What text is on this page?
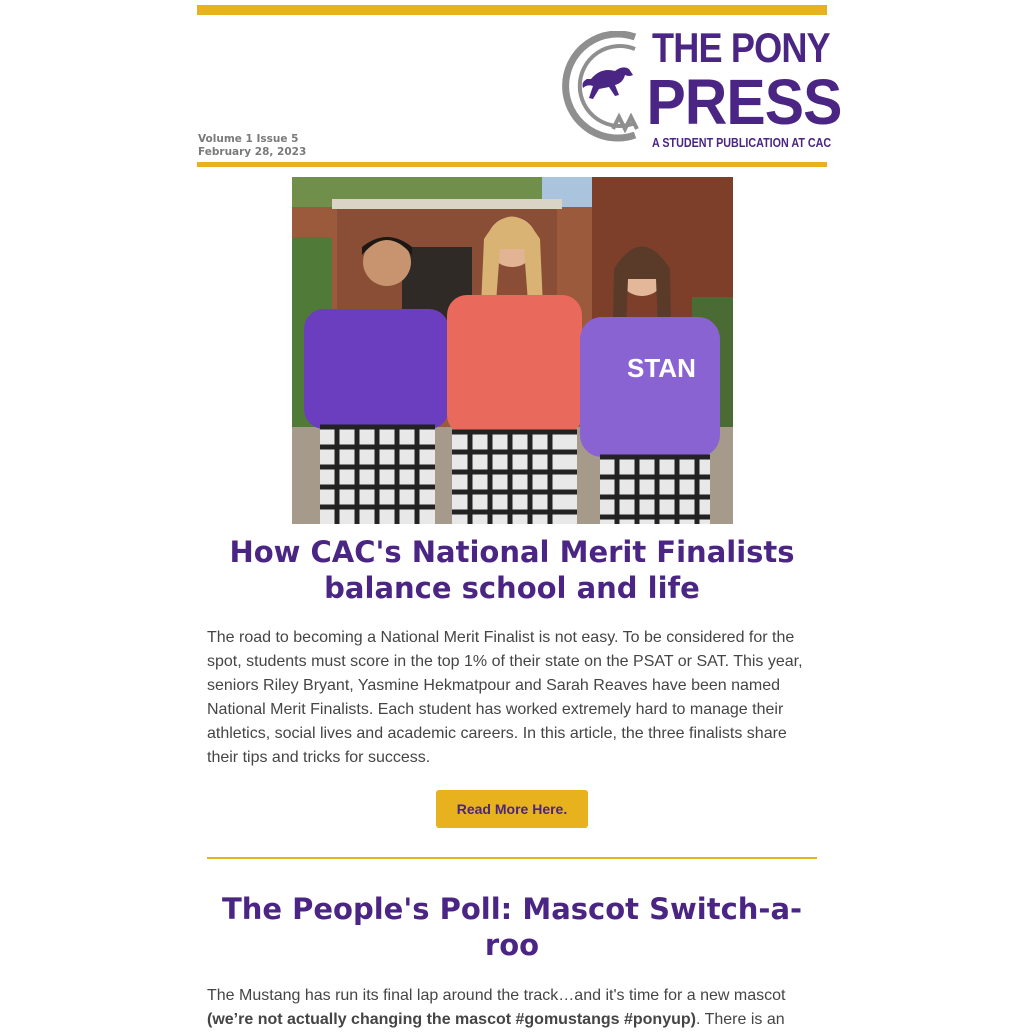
Volume 1 Issue 5
February 28, 2023
THE PONY
PRESS
A STUDENT PUBLICATION AT CAC
STAN
How CAC's National Merit Finalists balance school and life

The road to becoming a National Merit Finalist is not easy. To be considered for the spot, students must score in the top 1% of their state on the PSAT or SAT. This year, seniors Riley Bryant, Yasmine Hekmatpour and Sarah Reaves have been named National Merit Finalists. Each student has worked extremely hard to manage their athletics, social lives and academic careers. In this article, the three finalists share their tips and tricks for success.

Read More Here.
The People's Poll: Mascot Switch-a-roo

The Mustang has run its final lap around the track…and it's time for a new mascot (we’re not actually changing the mascot #gomustangs #ponyup). There is an
